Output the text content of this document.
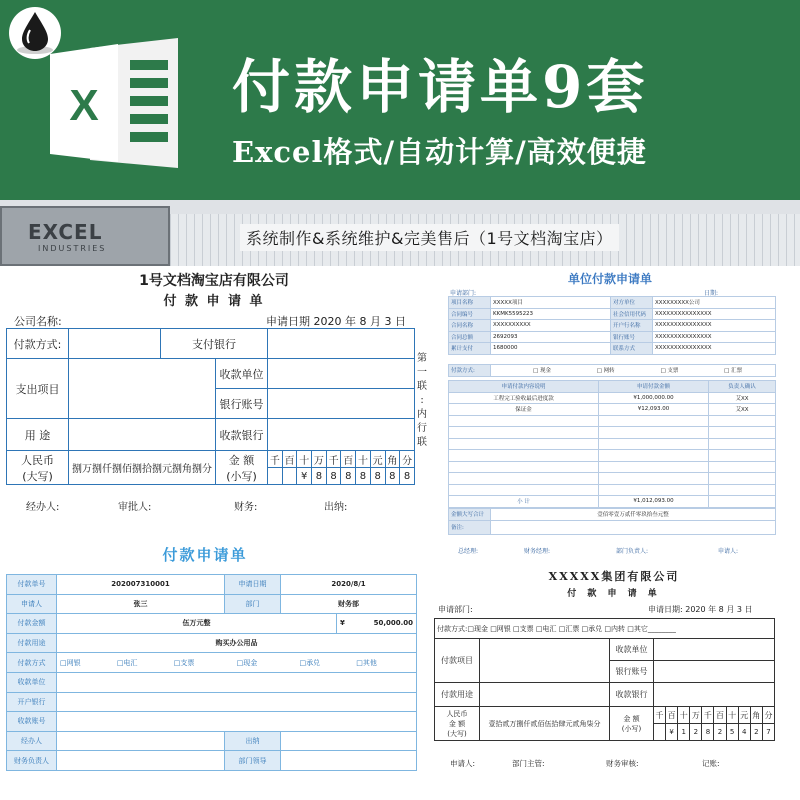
X 付款申请单9套
Excel格式/自动计算/高效便捷
EXCEL
INDUSTRIES
系统制作&系统维护&完美售后（1号文档淘宝店）
1号文档淘宝店有限公司
付 款 申 请 单
公司名称:	申请日期 2020 年 8 月 3 日
付款方式:		支付银行											
支出项目			收款单位										
			银行账号										
用 途			收款银行										
人民币
(大写)	捌万捌仟捌佰捌拾捌元捌角捌分		金 额
(小写)	千	百	十	万	千	百	十	元	角	分
						¥	8	8	8	8	8	8	8
第
一
联
:
内
行
联
经办人:	审批人:	财务:	出纳:
单位付款申请单
申请部门:	日期:
项目名称	XXXXX项目	对方单位	XXXXXXXXX公司
合同编号	KKMK5595223	社会信用代码	XXXXXXXXXXXXXXX
合同名称	XXXXXXXXXX	开户行名称	XXXXXXXXXXXXXXX
合同总额	2692093	银行账号	XXXXXXXXXXXXXXX
累计支付	1680000	联系方式	XXXXXXXXXXXXXXX
付款方式:	□ 现金	□ 网转	□ 支票	□ 汇票
申请付款内容说明	申请付款金额	负责人确认
工程完工验收最后进度款	¥1,000,000.00	艾XX
保证金	¥12,093.00	艾XX

小 计	¥1,012,093.00	
金额大写合计	壹佰零壹万贰仟零玖拾叁元整
备注:	
总经理:	财务经理:	部门负责人:	申请人:
付款申请单
付款单号	202007310001	申请日期	2020/8/1	
申请人	张三	部门	财务部	
付款金额	伍万元整			¥ 50,000.00

付款用途	购买办公用品			
付款方式	□网银 □电汇 □支票 □现金 □承兑 □其他			
收款单位				
开户银行				
收款账号				
经办人		出纳		
财务负责人		部门领导		
XXXXX集团有限公司
付 款 申 请 单
申请部门:	申请日期: 2020 年 8 月 3 日
付款方式:□现金 □网银 □支票 □电汇 □汇票 □承兑 □内转 □其它________												
付款项目		收款单位										
		银行账号										
付款用途		收款银行										
人民币
金 额
(大写)	壹拾贰万捌仟贰佰伍拾肆元贰角柒分	金 额
(小写)	千	百	十	万	千	百	十	元	角	分
				¥	1	2	8	2	5	4	2	7
申请人:	部门主管:	财务审核:	记账:
